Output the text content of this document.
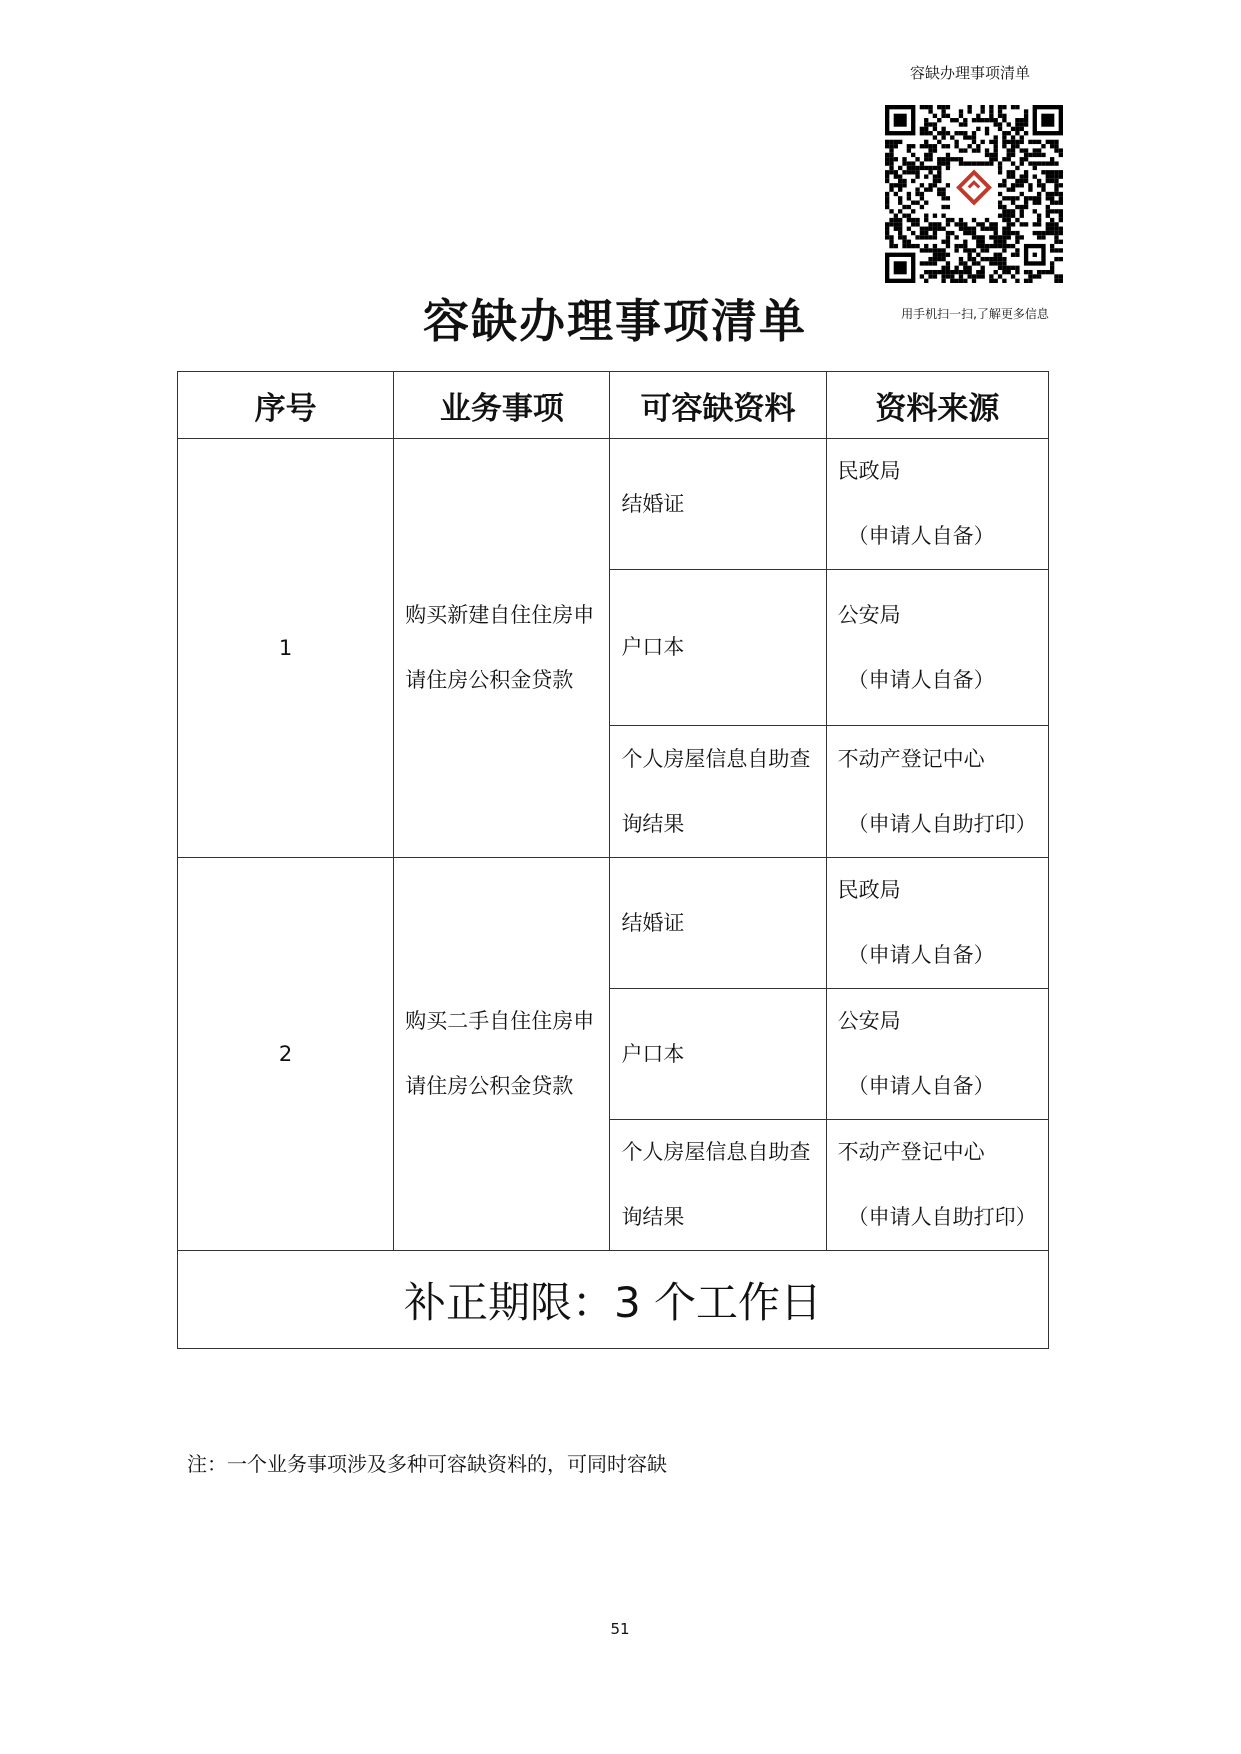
容缺办理事项清单
用手机扫一扫,了解更多信息
容缺办理事项清单
序号	业务事项	可容缺资料	资料来源
1	购买新建自住住房申请住房公积金贷款	结婚证	民政局
（申请人自备）

		户口本	公安局
（申请人自备）

		个人房屋信息自助查询结果	不动产登记中心
（申请人自助打印）

2	购买二手自住住房申请住房公积金贷款	结婚证	民政局
（申请人自备）

		户口本	公安局
（申请人自备）

		个人房屋信息自助查询结果	不动产登记中心
（申请人自助打印）

补正期限：3 个工作日			
注：一个业务事项涉及多种可容缺资料的，可同时容缺
51
